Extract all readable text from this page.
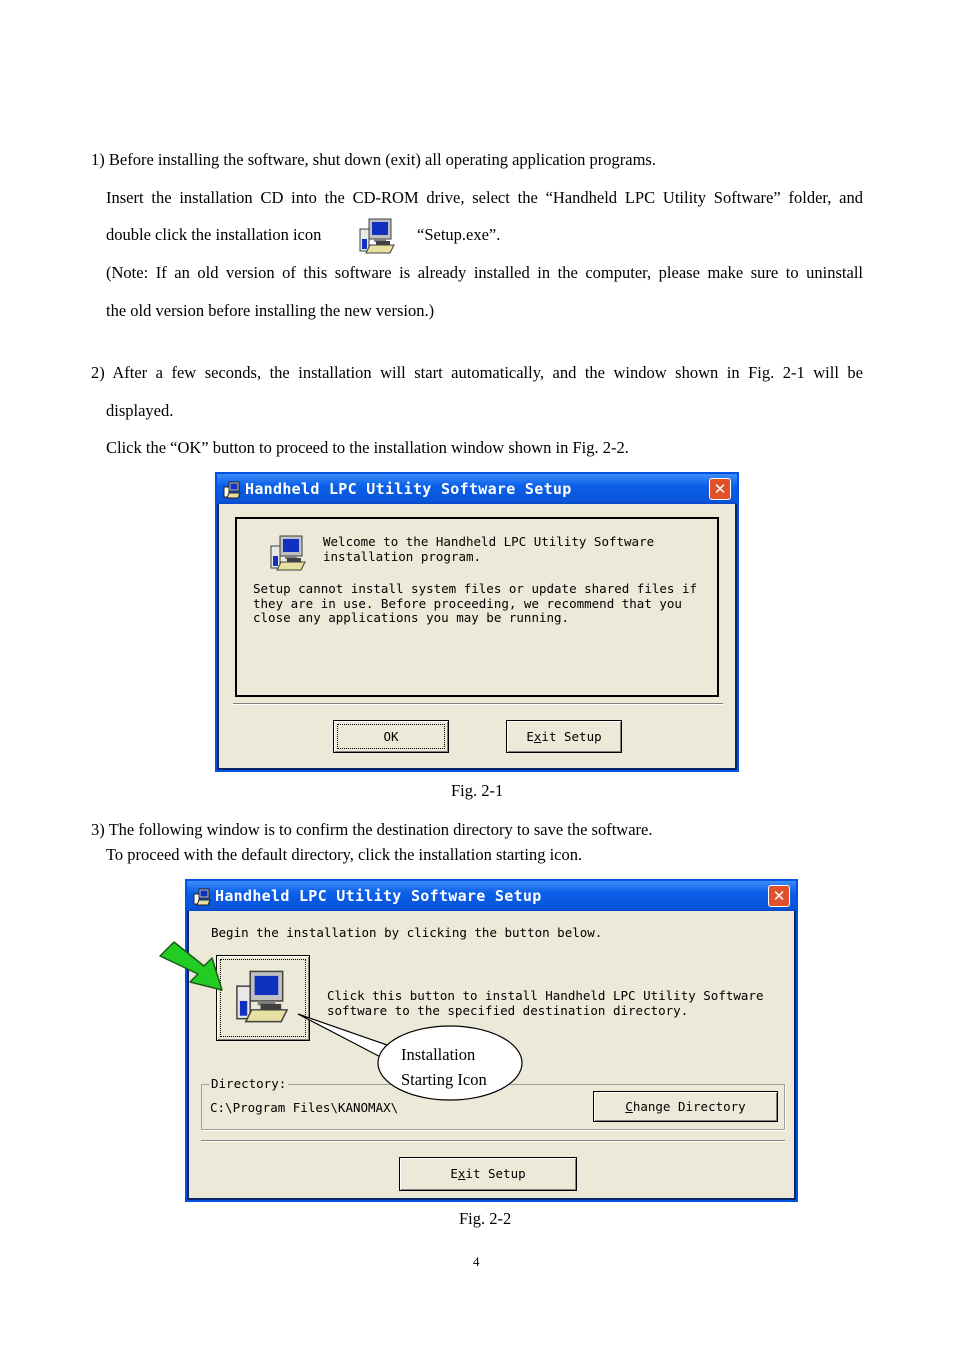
1) Before installing the software, shut down (exit) all operating application programs.
Insert the installation CD into the CD-ROM drive, select the “Handheld LPC Utility Software” folder, and
double click the installation icon	“Setup.exe”.
(Note: If an old version of this software is already installed in the computer, please make sure to uninstall
the old version before installing the new version.)
2) After a few seconds, the installation will start automatically, and the window shown in Fig. 2-1 will be
displayed.
Click the “OK” button to proceed to the installation window shown in Fig. 2-2.
Handheld LPC Utility Software Setup	✕
Welcome to the Handheld LPC Utility Software
installation program.
Setup cannot install system files or update shared files if
they are in use. Before proceeding, we recommend that you
close any applications you may be running.
OK	Exit Setup
Fig. 2-1
3) The following window is to confirm the destination directory to save the software.
To proceed with the default directory, click the installation starting icon.
Handheld LPC Utility Software Setup	✕
Begin the installation by clicking the button below.
Click this button to install Handheld LPC Utility Software
software to the specified destination directory.
Directory:
C:\Program Files\KANOMAX\	Change Directory
Exit Setup
Installation
Starting Icon
Fig. 2-2
4
